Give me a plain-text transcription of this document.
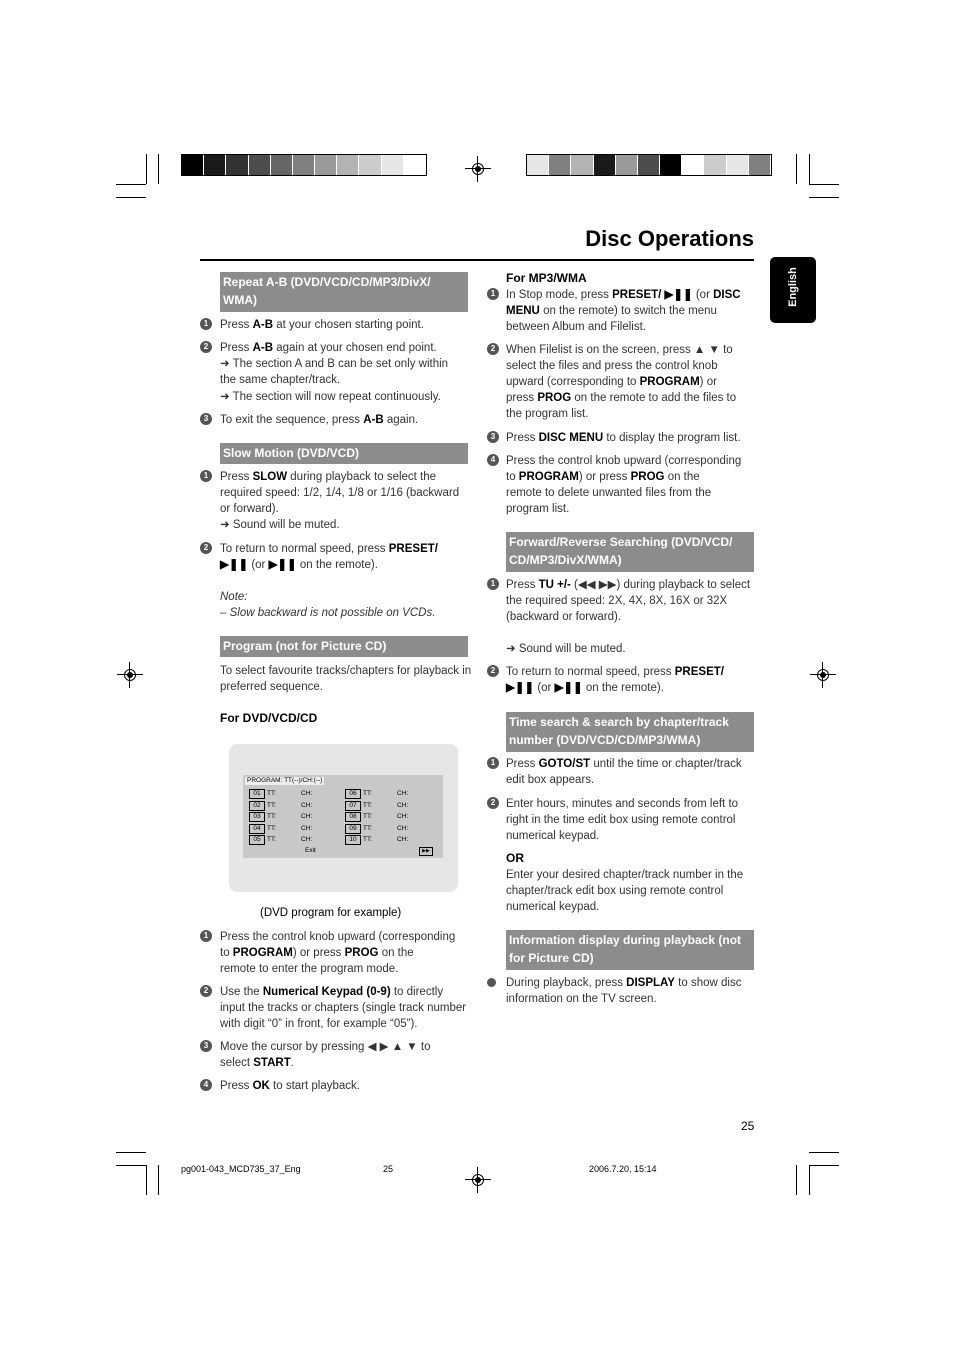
Disc Operations
English
Repeat A-B (DVD/VCD/CD/MP3/DivX/ WMA)
1	Press A-B at your chosen starting point.
2	Press A-B again at your chosen end point.
➜ The section A and B can be set only within
the same chapter/track.
➜ The section will now repeat continuously.
3	To exit the sequence, press A-B again.
Slow Motion (DVD/VCD)
1	Press SLOW during playback to select the
required speed: 1/2, 1/4, 1/8 or 1/16 (backward
or forward).
➜ Sound will be muted.
2	To return to normal speed, press PRESET/
▶❚❚ (or ▶❚❚ on the remote).
Note:
– Slow backward is not possible on VCDs.
Program (not for Picture CD)
To select favourite tracks/chapters for playback in
preferred sequence.
For DVD/VCD/CD
PROGRAM: TT(--)/CH:(--)
01 TT:	CH:
02 TT:	CH:
03 TT:	CH:
04 TT:	CH:
05 TT:	CH:
06 TT:	CH:
07 TT:	CH:
08 TT:	CH:
09 TT:	CH:
10 TT:	CH:
Exit	▶▶
(DVD program for example)
1	Press the control knob upward (corresponding
to PROGRAM) or press PROG on the
remote to enter the program mode.
2	Use the Numerical Keypad (0-9) to directly
input the tracks or chapters (single track number
with digit “0” in front, for example “05”).
3	Move the cursor by pressing ◀ ▶ ▲ ▼ to
select START.
4	Press OK to start playback.
For MP3/WMA
1 In Stop mode, press PRESET/ ▶❚❚ (or DISC
MENU on the remote) to switch the menu
between Album and Filelist.
2 When Filelist is on the screen, press ▲ ▼ to
select the files and press the control knob
upward (corresponding to PROGRAM) or
press PROG on the remote to add the files to
the program list.
3 Press DISC MENU to display the program list.
4 Press the control knob upward (corresponding
to PROGRAM) or press PROG on the
remote to delete unwanted files from the
program list.
Forward/Reverse Searching (DVD/VCD/ CD/MP3/DivX/WMA)
1 Press TU +/- (◀◀ ▶▶) during playback to select
the required speed: 2X, 4X, 8X, 16X or 32X
(backward or forward).
➜ Sound will be muted.
2 To return to normal speed, press PRESET/
▶❚❚ (or ▶❚❚ on the remote).
Time search & search by chapter/track number (DVD/VCD/CD/MP3/WMA)
1 Press GOTO/ST until the time or chapter/track
edit box appears.
2 Enter hours, minutes and seconds from left to
right in the time edit box using remote control
numerical keypad.
OR
Enter your desired chapter/track number in the
chapter/track edit box using remote control
numerical keypad.
Information display during playback (not for Picture CD)
During playback, press DISPLAY to show disc
information on the TV screen.
25
pg001-043_MCD735_37_Eng	25	2006.7.20, 15:14
